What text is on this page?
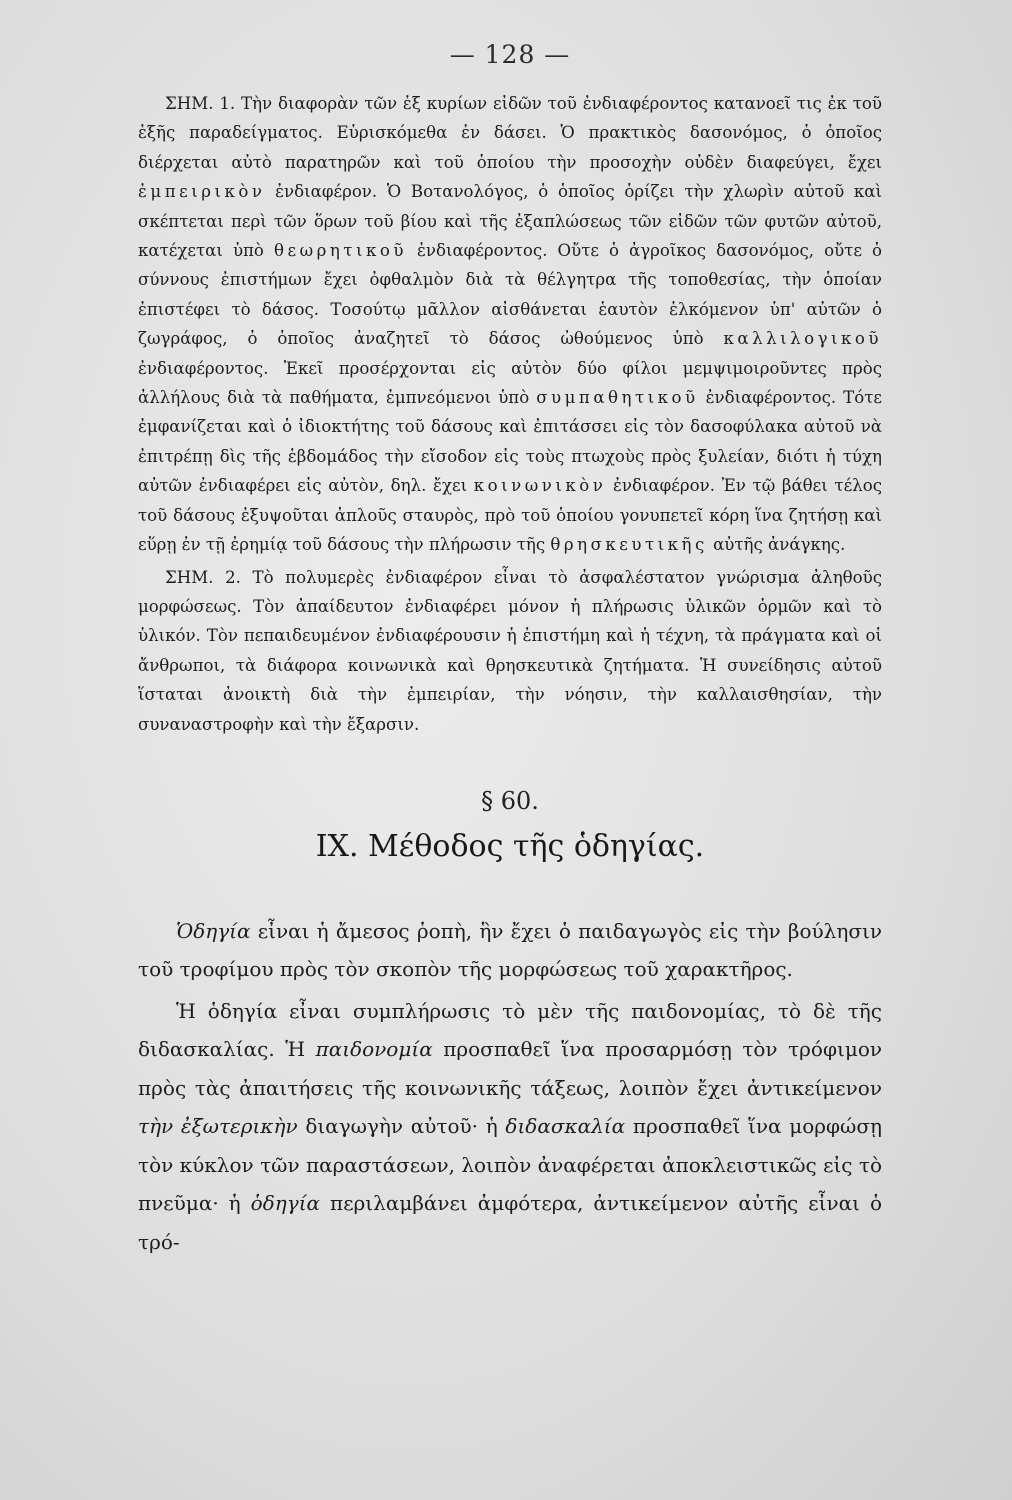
— 128 —

ΣΗΜ. 1. Τὴν διαφορὰν τῶν ἐξ κυρίων εἰδῶν τοῦ ἐνδιαφέροντος κατανοεῖ τις ἐκ τοῦ ἑξῆς παραδείγματος. Εὑρισκόμεθα ἐν δάσει. Ὁ πρακτικὸς δασονόμος, ὁ ὁποῖος διέρχεται αὐτὸ παρατηρῶν καὶ τοῦ ὁποίου τὴν προσοχὴν οὐδὲν διαφεύγει, ἔχει ἐμπειρικὸν ἐνδιαφέρον. Ὁ Βοτανολόγος, ὁ ὁποῖος ὁρίζει τὴν χλωρὶν αὐτοῦ καὶ σκέπτεται περὶ τῶν ὅρων τοῦ βίου καὶ τῆς ἐξαπλώσεως τῶν εἰδῶν τῶν φυτῶν αὐτοῦ, κατέχεται ὑπὸ θεωρητικοῦ ἐνδιαφέροντος. Οὔτε ὁ ἀγροῖκος δασονόμος, οὔτε ὁ σύννους ἐπιστήμων ἔχει ὀφθαλμὸν διὰ τὰ θέλγητρα τῆς τοποθεσίας, τὴν ὁποίαν ἐπιστέφει τὸ δάσος. Τοσούτῳ μᾶλλον αἰσθάνεται ἑαυτὸν ἑλκόμενον ὑπ' αὐτῶν ὁ ζωγράφος, ὁ ὁποῖος ἀναζητεῖ τὸ δάσος ὠθούμενος ὑπὸ καλλιλογικοῦ ἐνδιαφέροντος. Ἐκεῖ προσέρχονται εἰς αὐτὸν δύο φίλοι μεμψιμοιροῦντες πρὸς ἀλλήλους διὰ τὰ παθήματα, ἐμπνεόμενοι ὑπὸ συμπαθητικοῦ ἐνδιαφέροντος. Τότε ἐμφανίζεται καὶ ὁ ἰδιοκτήτης τοῦ δάσους καὶ ἐπιτάσσει εἰς τὸν δασοφύλακα αὐτοῦ νὰ ἐπιτρέπῃ δὶς τῆς ἑβδομάδος τὴν εἴσοδον εἰς τοὺς πτωχοὺς πρὸς ξυλείαν, διότι ἡ τύχη αὐτῶν ἐνδιαφέρει εἰς αὐτὸν, δηλ. ἔχει κοινωνικὸν ἐνδιαφέρον. Ἐν τῷ βάθει τέλος τοῦ δάσους ἐξυψοῦται ἁπλοῦς σταυρὸς, πρὸ τοῦ ὁποίου γονυπετεῖ κόρη ἵνα ζητήσῃ καὶ εὕρῃ ἐν τῇ ἐρημίᾳ τοῦ δάσους τὴν πλήρωσιν τῆς θρησκευτικῆς αὐτῆς ἀνάγκης.

ΣΗΜ. 2. Τὸ πολυμερὲς ἐνδιαφέρον εἶναι τὸ ἀσφαλέστατον γνώρισμα ἀληθοῦς μορφώσεως. Τὸν ἀπαίδευτον ἐνδιαφέρει μόνον ἡ πλήρωσις ὑλικῶν ὁρμῶν καὶ τὸ ὑλικόν. Τὸν πεπαιδευμένον ἐνδιαφέρουσιν ἡ ἐπιστήμη καὶ ἡ τέχνη, τὰ πράγματα καὶ οἱ ἄνθρωποι, τὰ διάφορα κοινωνικὰ καὶ θρησκευτικὰ ζητήματα. Ἡ συνείδησις αὐτοῦ ἵσταται ἀνοικτὴ διὰ τὴν ἐμπειρίαν, τὴν νόησιν, τὴν καλλαισθησίαν, τὴν συναναστροφὴν καὶ τὴν ἔξαρσιν.

§ 60.
IX. Μέθοδος τῆς ὁδηγίας.

Ὁδηγία εἶναι ἡ ἄμεσος ῥοπὴ, ἣν ἔχει ὁ παιδαγωγὸς εἰς τὴν βούλησιν τοῦ τροφίμου πρὸς τὸν σκοπὸν τῆς μορφώσεως τοῦ χαρακτῆρος.

Ἡ ὁδηγία εἶναι συμπλήρωσις τὸ μὲν τῆς παιδονομίας, τὸ δὲ τῆς διδασκαλίας. Ἡ παιδονομία προσπαθεῖ ἵνα προσαρμόσῃ τὸν τρόφιμον πρὸς τὰς ἀπαιτήσεις τῆς κοινωνικῆς τάξεως, λοιπὸν ἔχει ἀντικείμενον τὴν ἐξωτερικὴν διαγωγὴν αὐτοῦ· ἡ διδασκαλία προσπαθεῖ ἵνα μορφώσῃ τὸν κύκλον τῶν παραστάσεων, λοιπὸν ἀναφέρεται ἀποκλειστικῶς εἰς τὸ πνεῦμα· ἡ ὁδηγία περιλαμβάνει ἀμφότερα, ἀντικείμενον αὐτῆς εἶναι ὁ τρό-
